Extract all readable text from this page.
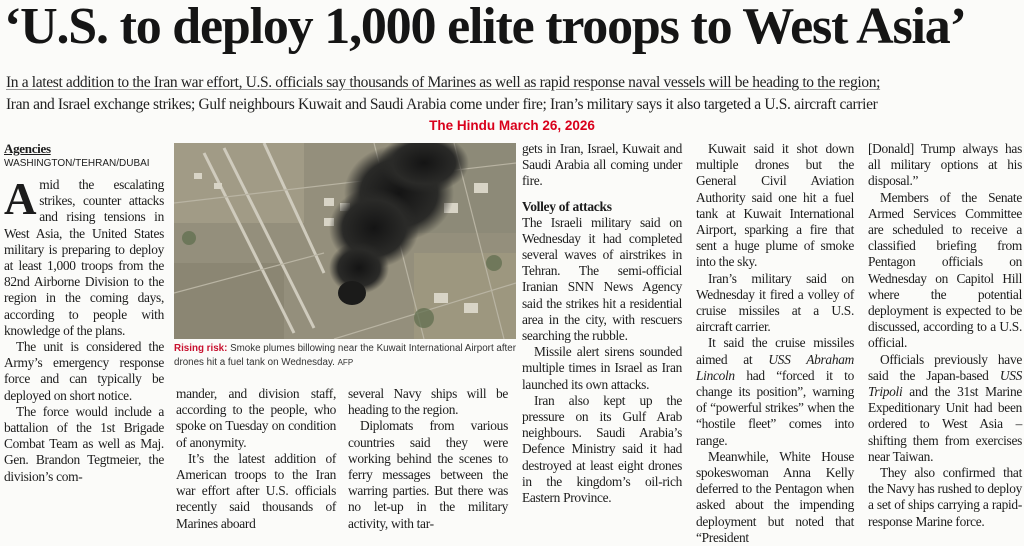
‘U.S. to deploy 1,000 elite troops to West Asia’
In a latest addition to the Iran war effort, U.S. officials say thousands of Marines as well as rapid response naval vessels will be heading to the region;
Iran and Israel exchange strikes; Gulf neighbours Kuwait and Saudi Arabia come under fire; Iran’s military says it also targeted a U.S. aircraft carrier
The Hindu March 26, 2026
Agencies
WASHINGTON/TEHRAN/DUBAI

Amid the escalating strikes, counter attacks and rising tensions in West Asia, the United States military is preparing to deploy at least 1,000 troops from the 82nd Airborne Division to the region in the coming days, according to people with knowledge of the plans.

The unit is considered the Army’s emergency response force and can typically be deployed on short notice.

The force would include a battalion of the 1st Brigade Combat Team as well as Maj. Gen. Brandon Tegtmeier, the division’s com-

Rising risk: Smoke plumes billowing near the Kuwait International Airport after drones hit a fuel tank on Wednesday. AFP

mander, and division staff, according to the people, who spoke on Tuesday on condition of anonymity.

It’s the latest addition of American troops to the Iran war effort after U.S. officials recently said thousands of Marines aboard

several Navy ships will be heading to the region.

Diplomats from various countries said they were working behind the scenes to ferry messages between the warring parties. But there was no let-up in the military activity, with tar-

gets in Iran, Israel, Kuwait and Saudi Arabia all coming under fire.

Volley of attacks

The Israeli military said on Wednesday it had completed several waves of airstrikes in Tehran. The semi-official Iranian SNN News Agency said the strikes hit a residential area in the city, with rescuers searching the rubble.

Missile alert sirens sounded multiple times in Israel as Iran launched its own attacks.

Iran also kept up the pressure on its Gulf Arab neighbours. Saudi Arabia’s Defence Ministry said it had destroyed at least eight drones in the kingdom’s oil-rich Eastern Province.

Kuwait said it shot down multiple drones but the General Civil Aviation Authority said one hit a fuel tank at Kuwait International Airport, sparking a fire that sent a huge plume of smoke into the sky.

Iran’s military said on Wednesday it fired a volley of cruise missiles at a U.S. aircraft carrier.

It said the cruise missiles aimed at USS Abraham Lincoln had “forced it to change its position”, warning of “powerful strikes” when the “hostile fleet” comes into range.

Meanwhile, White House spokeswoman Anna Kelly deferred to the Pentagon when asked about the impending deployment but noted that “President

[Donald] Trump always has all military options at his disposal.”

Members of the Senate Armed Services Committee are scheduled to receive a classified briefing from Pentagon officials on Wednesday on Capitol Hill where the potential deployment is expected to be discussed, according to a U.S. official.

Officials previously have said the Japan-based USS Tripoli and the 31st Marine Expeditionary Unit had been ordered to West Asia – shifting them from exercises near Taiwan.

They also confirmed that the Navy has rushed to deploy a set of ships carrying a rapid-response Marine force.
